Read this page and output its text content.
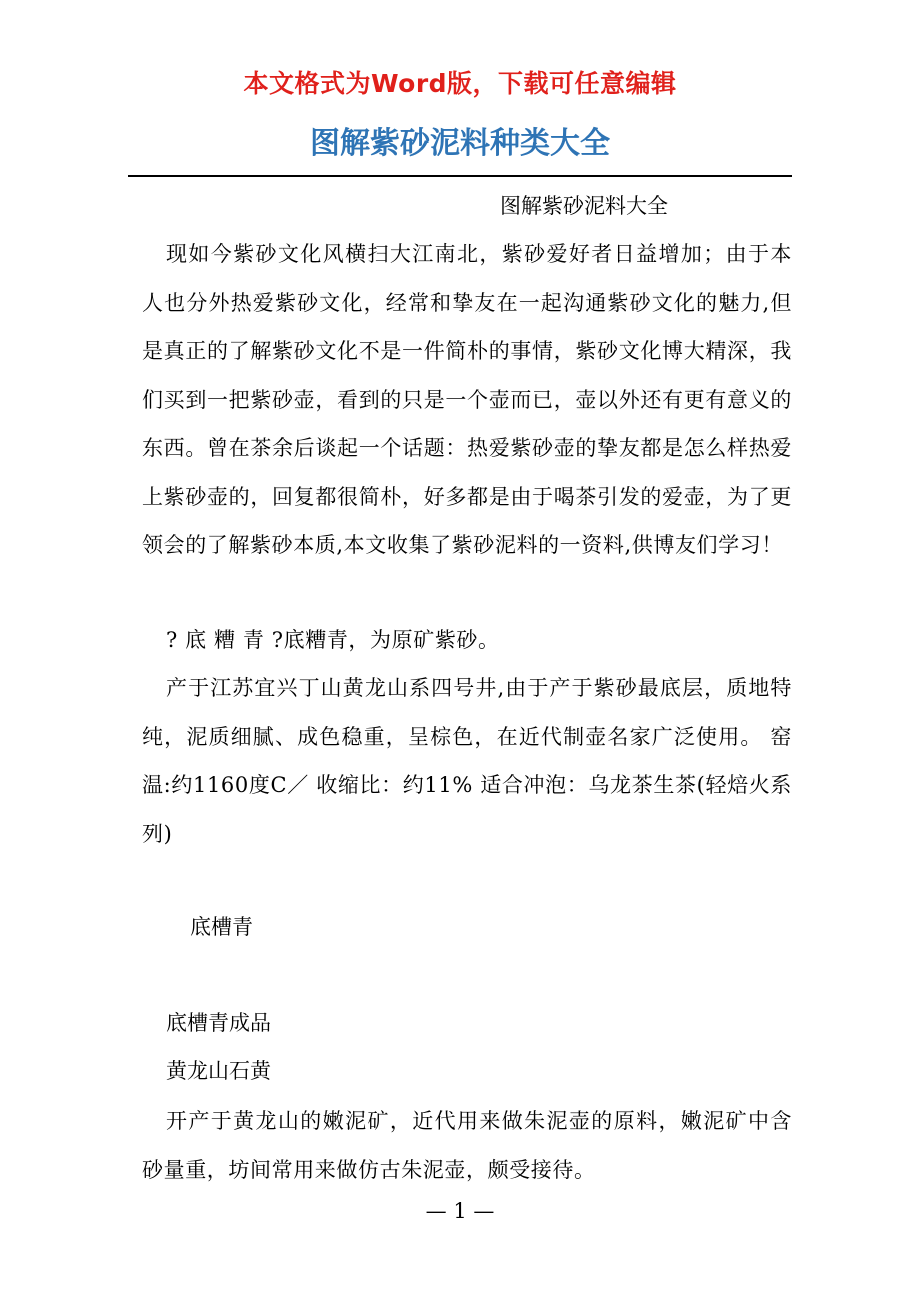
本文格式为Word版，下载可任意编辑
图解紫砂泥料种类大全
图解紫砂泥料大全

现如今紫砂文化风横扫大江南北，紫砂爱好者日益增加；由于本人也分外热爱紫砂文化，经常和挚友在一起沟通紫砂文化的魅力,但是真正的了解紫砂文化不是一件简朴的事情，紫砂文化博大精深，我们买到一把紫砂壶，看到的只是一个壶而已，壶以外还有更有意义的东西。曾在茶余后谈起一个话题：热爱紫砂壶的挚友都是怎么样热爱上紫砂壶的，回复都很简朴，好多都是由于喝茶引发的爱壶，为了更领会的了解紫砂本质,本文收集了紫砂泥料的一资料,供博友们学习！

? 底 糟 青 ?底糟青，为原矿紫砂。

产于江苏宜兴丁山黄龙山系四号井,由于产于紫砂最底层，质地特纯，泥质细腻、成色稳重，呈棕色，在近代制壶名家广泛使用。 窑温:约1160度C／ 收缩比：约11% 适合冲泡：乌龙茶生茶(轻焙火系列)

底槽青

底槽青成品

黄龙山石黄

开产于黄龙山的嫩泥矿，近代用来做朱泥壶的原料，嫩泥矿中含砂量重，坊间常用来做仿古朱泥壶，颇受接待。

— 1 —
